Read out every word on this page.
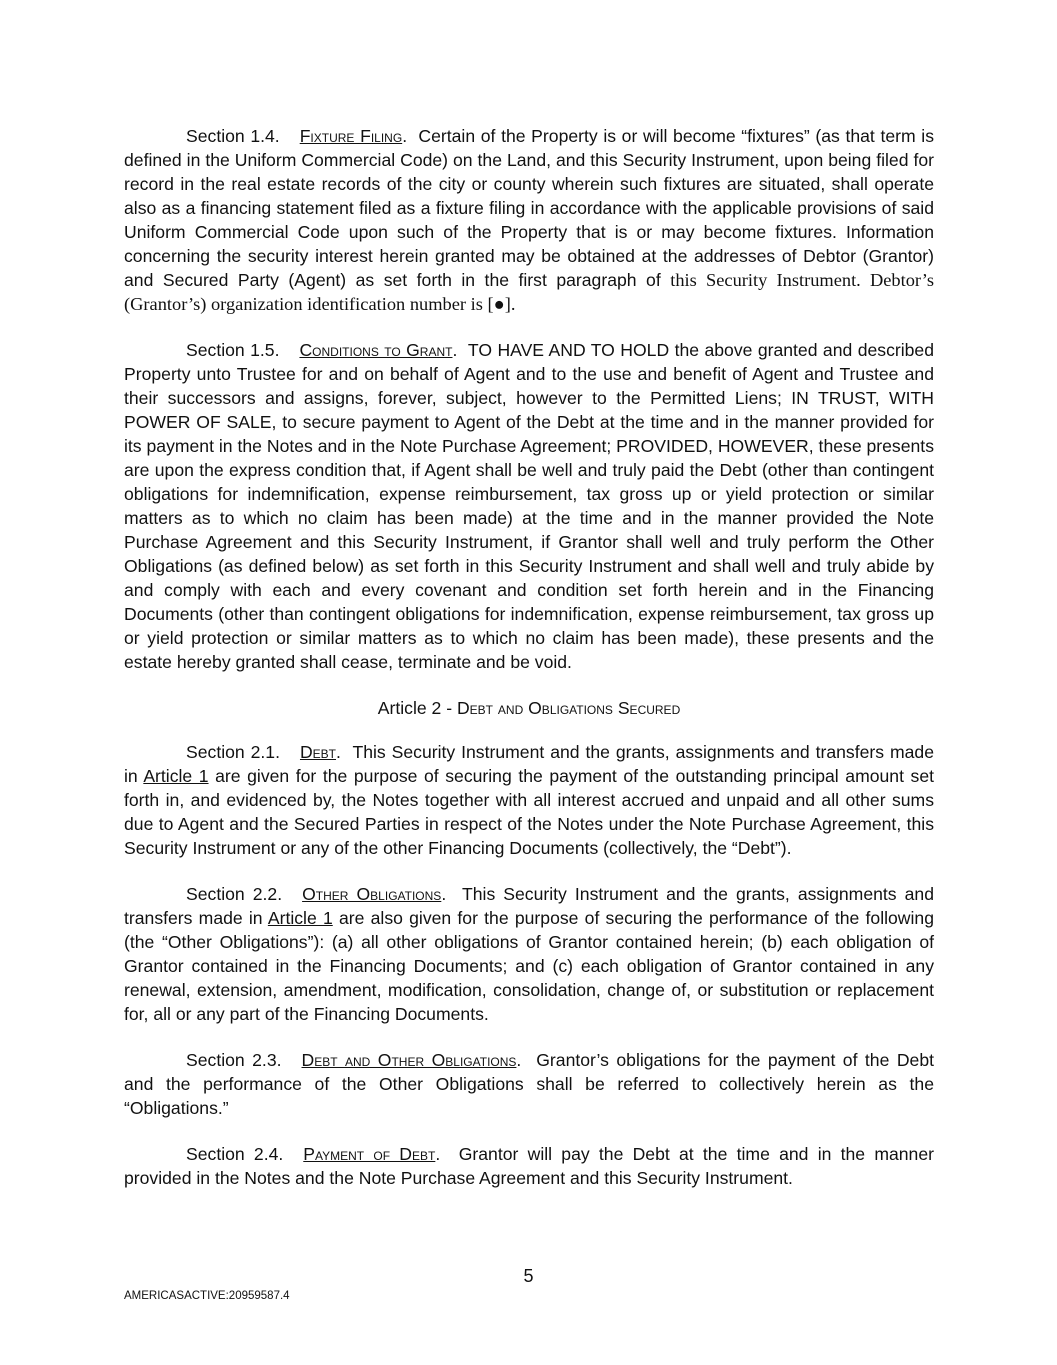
Section 1.4. Fixture Filing.  Certain of the Property is or will become “fixtures” (as that term is defined in the Uniform Commercial Code) on the Land, and this Security Instrument, upon being filed for record in the real estate records of the city or county wherein such fixtures are situated, shall operate also as a financing statement filed as a fixture filing in accordance with the applicable provisions of said Uniform Commercial Code upon such of the Property that is or may become fixtures. Information concerning the security interest herein granted may be obtained at the addresses of Debtor (Grantor) and Secured Party (Agent) as set forth in the first paragraph of this Security Instrument. Debtor’s (Grantor’s) organization identification number is [●].

Section 1.5. Conditions to Grant.  TO HAVE AND TO HOLD the above granted and described Property unto Trustee for and on behalf of Agent and to the use and benefit of Agent and Trustee and their successors and assigns, forever, subject, however to the Permitted Liens; IN TRUST, WITH POWER OF SALE, to secure payment to Agent of the Debt at the time and in the manner provided for its payment in the Notes and in the Note Purchase Agreement; PROVIDED, HOWEVER, these presents are upon the express condition that, if Agent shall be well and truly paid the Debt (other than contingent obligations for indemnification, expense reimbursement, tax gross up or yield protection or similar matters as to which no claim has been made) at the time and in the manner provided the Note Purchase Agreement and this Security Instrument, if Grantor shall well and truly perform the Other Obligations (as defined below) as set forth in this Security Instrument and shall well and truly abide by and comply with each and every covenant and condition set forth herein and in the Financing Documents (other than contingent obligations for indemnification, expense reimbursement, tax gross up or yield protection or similar matters as to which no claim has been made), these presents and the estate hereby granted shall cease, terminate and be void.

Article 2 - Debt and Obligations Secured

Section 2.1. Debt.  This Security Instrument and the grants, assignments and transfers made in Article 1 are given for the purpose of securing the payment of the outstanding principal amount set forth in, and evidenced by, the Notes together with all interest accrued and unpaid and all other sums due to Agent and the Secured Parties in respect of the Notes under the Note Purchase Agreement, this Security Instrument or any of the other Financing Documents (collectively, the “Debt”).

Section 2.2. Other Obligations.  This Security Instrument and the grants, assignments and transfers made in Article 1 are also given for the purpose of securing the performance of the following (the “Other Obligations”): (a) all other obligations of Grantor contained herein; (b) each obligation of Grantor contained in the Financing Documents; and (c) each obligation of Grantor contained in any renewal, extension, amendment, modification, consolidation, change of, or substitution or replacement for, all or any part of the Financing Documents.

Section 2.3. Debt and Other Obligations.  Grantor’s obligations for the payment of the Debt and the performance of the Other Obligations shall be referred to collectively herein as the “Obligations.”

Section 2.4. Payment of Debt.  Grantor will pay the Debt at the time and in the manner provided in the Notes and the Note Purchase Agreement and this Security Instrument.

5
AMERICASACTIVE:20959587.4
